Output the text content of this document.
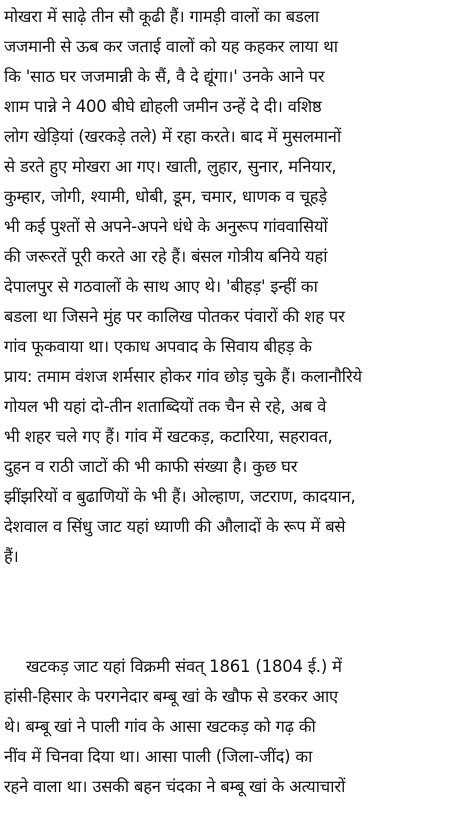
मोखरा में साढ़े तीन सौ कूढी हैं। गामड़ी वालों का बडला
जजमानी से ऊब कर जताई वालों को यह कहकर लाया था
कि 'साठ घर जजमान्नी के सैं, वै दे द्यूंगा।' उनके आने पर
शाम पान्ने ने 400 बीघे द्योहली जमीन उन्हें दे दी। वशिष्ठ
लोग खेड़ियां (खरकड़े तले) में रहा करते। बाद में मुसलमानों
से डरते हुए मोखरा आ गए। खाती, लुहार, सुनार, मनियार,
कुम्हार, जोगी, श्यामी, धोबी, डूम, चमार, धाणक व चूहड़े
भी कई पुश्तों से अपने-अपने धंधे के अनुरूप गांववासियों
की जरूरतें पूरी करते आ रहे हैं। बंसल गोत्रीय बनिये यहां
देपालपुर से गठवालों के साथ आए थे। 'बीहड़' इन्हीं का
बडला था जिसने मुंह पर कालिख पोतकर पंवारों की शह पर
गांव फूकवाया था। एकाध अपवाद के सिवाय बीहड़ के
प्राय: तमाम वंशज शर्मसार होकर गांव छोड़ चुके हैं। कलानौरिये
गोयल भी यहां दो-तीन शताब्दियों तक चैन से रहे, अब वे
भी शहर चले गए हैं। गांव में खटकड़, कटारिया, सहरावत,
दुहन व राठी जाटों की भी काफी संख्या है। कुछ घर
झींझरियों व बुढाणियों के भी हैं। ओल्हाण, जटराण, कादयान,
देशवाल व सिंधु जाट यहां ध्याणी की औलादों के रूप में बसे
हैं।
खटकड़ जाट यहां विक्रमी संवत् 1861 (1804 ई.) में
हांसी-हिसार के परगनेदार बम्बू खां के खौफ से डरकर आए
थे। बम्बू खां ने पाली गांव के आसा खटकड़ को गढ़ की
नींव में चिनवा दिया था। आसा पाली (जिला-जींद) का
रहने वाला था। उसकी बहन चंदका ने बम्बू खां के अत्याचारों
